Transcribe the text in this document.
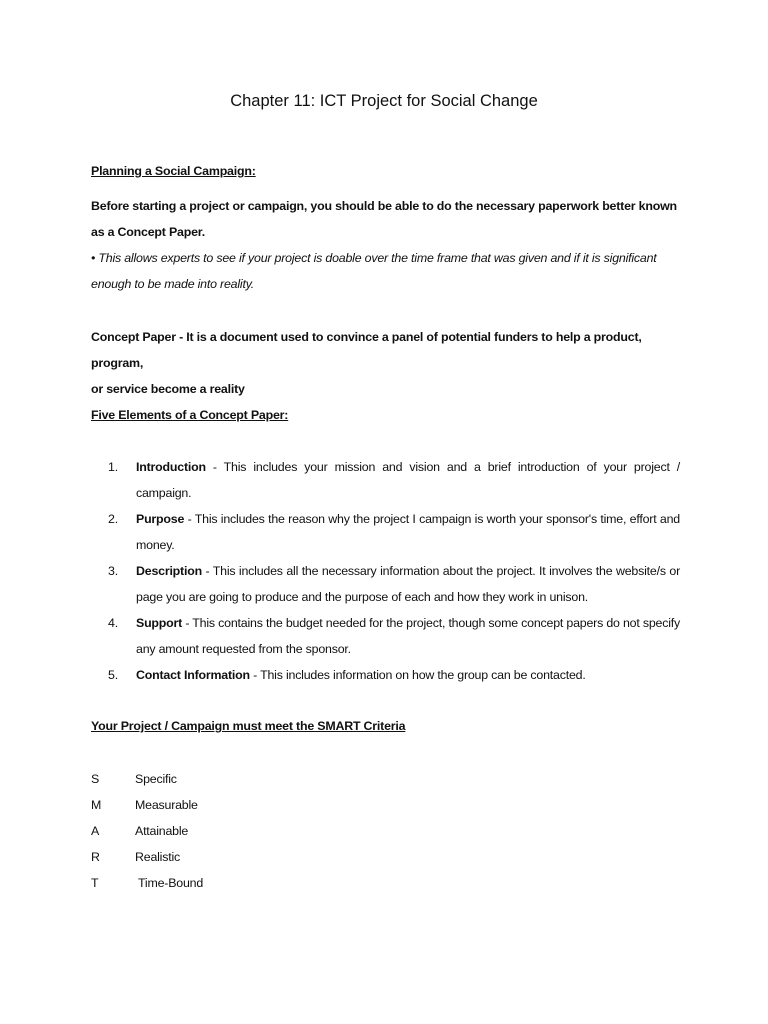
Chapter 11: ICT Project for Social Change
Planning a Social Campaign:
Before starting a project or campaign, you should be able to do the necessary paperwork better known
as a Concept Paper.
• This allows experts to see if your project is doable over the time frame that was given and if it is significant
enough to be made into reality.
Concept Paper - It is a document used to convince a panel of potential funders to help a product, program,
or service become a reality
Five Elements of a Concept Paper:
1. Introduction - This includes your mission and vision and a brief introduction of your project / campaign.
2. Purpose - This includes the reason why the project I campaign is worth your sponsor's time, effort and money.
3. Description - This includes all the necessary information about the project. It involves the website/s or page you are going to produce and the purpose of each and how they work in unison.
4. Support - This contains the budget needed for the project, though some concept papers do not specify any amount requested from the sponsor.
5. Contact Information - This includes information on how the group can be contacted.
Your Project / Campaign must meet the SMART Criteria
S	Specific
M	Measurable
A	Attainable
R	Realistic
T	Time-Bound
